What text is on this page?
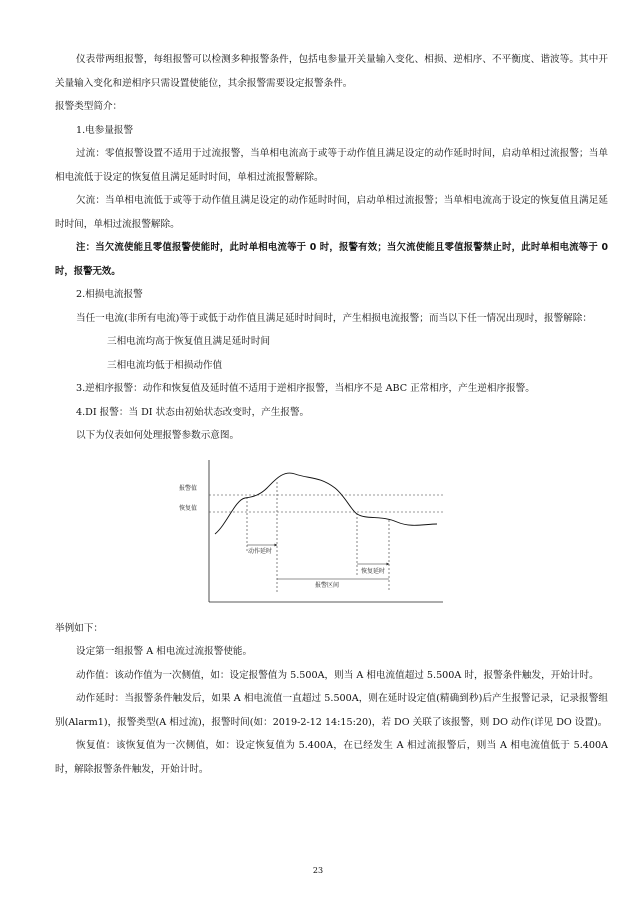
仪表带两组报警，每组报警可以检测多种报警条件，包括电参量开关量输入变化、相损、逆相序、不平衡度、谐波等。其中开关量输入变化和逆相序只需设置使能位，其余报警需要设定报警条件。

报警类型简介：

1.电参量报警

过流：零值报警设置不适用于过流报警，当单相电流高于或等于动作值且满足设定的动作延时时间，启动单相过流报警；当单相电流低于设定的恢复值且满足延时时间，单相过流报警解除。

欠流：当单相电流低于或等于动作值且满足设定的动作延时时间，启动单相过流报警；当单相电流高于设定的恢复值且满足延时时间，单相过流报警解除。

注：当欠流使能且零值报警使能时，此时单相电流等于 0 时，报警有效；当欠流使能且零值报警禁止时，此时单相电流等于 0 时，报警无效。

2.相损电流报警

当任一电流(非所有电流)等于或低于动作值且满足延时时间时，产生相损电流报警；而当以下任一情况出现时，报警解除：

三相电流均高于恢复值且满足延时时间

三相电流均低于相损动作值

3.逆相序报警：动作和恢复值及延时值不适用于逆相序报警，当相序不是 ABC 正常相序，产生逆相序报警。

4.DI 报警：当 DI 状态由初始状态改变时，产生报警。

以下为仪表如何处理报警参数示意图。

报警值
恢复值
动作延时
恢复延时
报警区间

举例如下：

设定第一组报警 A 相电流过流报警使能。

动作值：该动作值为一次侧值，如：设定报警值为 5.500A，则当 A 相电流值超过 5.500A 时，报警条件触发，开始计时。

动作延时：当报警条件触发后，如果 A 相电流值一直超过 5.500A，则在延时设定值(精确到秒)后产生报警记录，记录报警组别(Alarm1)，报警类型(A 相过流)，报警时间(如：2019-2-12 14:15:20)，若 DO 关联了该报警，则 DO 动作(详见 DO 设置)。

恢复值：该恢复值为一次侧值，如：设定恢复值为 5.400A，在已经发生 A 相过流报警后，则当 A 相电流值低于 5.400A 时，解除报警条件触发，开始计时。

23
